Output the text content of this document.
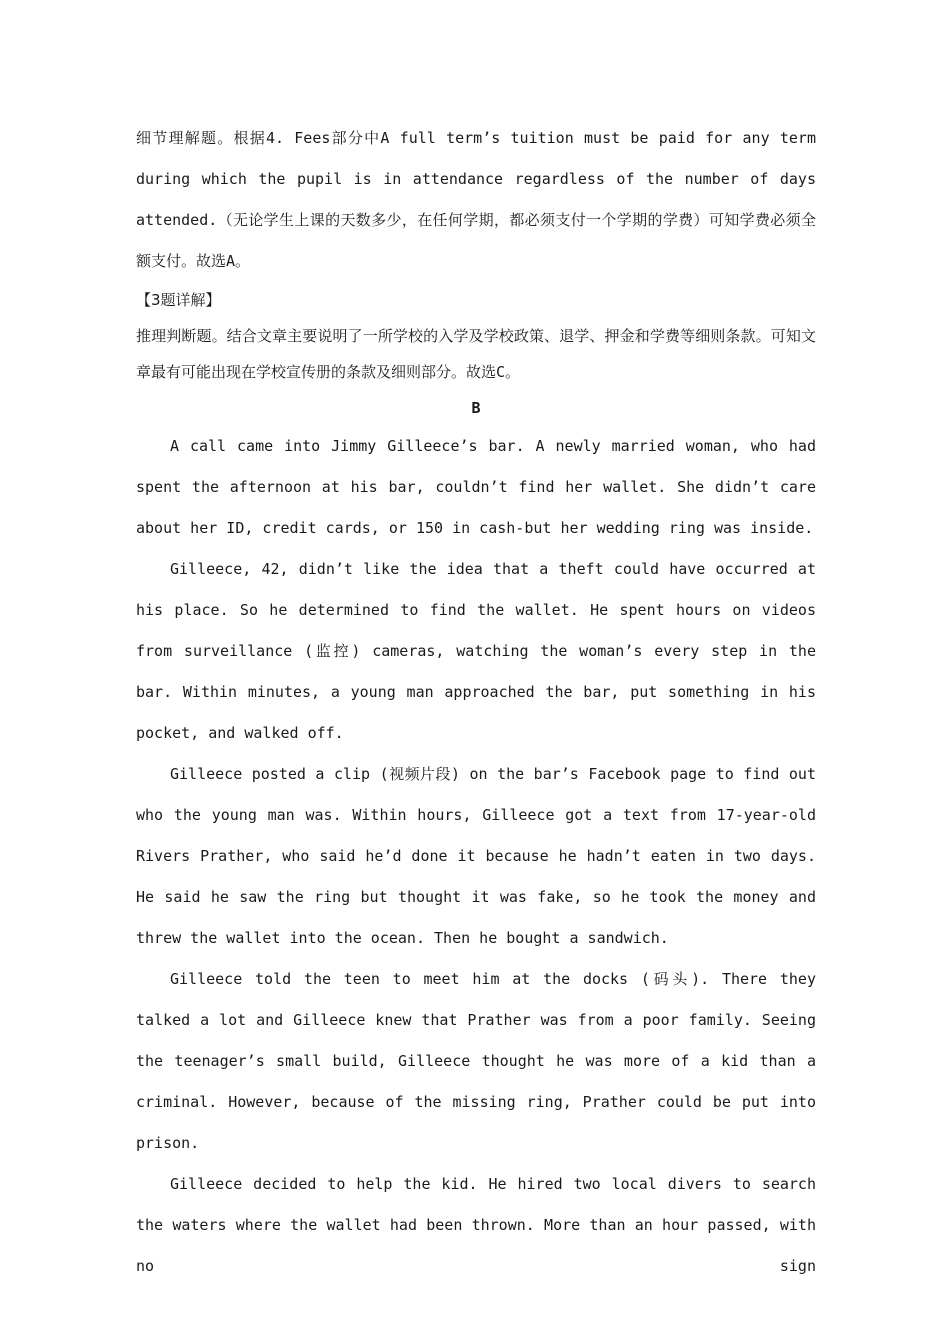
细节理解题。根据4. Fees部分中A full term’s tuition must be paid for any term during which the pupil is in attendance regardless of the number of days attended.（无论学生上课的天数多少，在任何学期，都必须支付一个学期的学费）可知学费必须全额支付。故选A。

【3题详解】

推理判断题。结合文章主要说明了一所学校的入学及学校政策、退学、押金和学费等细则条款。可知文章最有可能出现在学校宣传册的条款及细则部分。故选C。

B

A call came into Jimmy Gilleece’s bar. A newly married woman, who had spent the afternoon at his bar, couldn’t find her wallet. She didn’t care about her ID, credit cards, or 150 in cash-but her wedding ring was inside.

Gilleece, 42, didn’t like the idea that a theft could have occurred at his place. So he determined to find the wallet. He spent hours on videos from surveillance (监控) cameras, watching the woman’s every step in the bar. Within minutes, a young man approached the bar, put something in his pocket, and walked off.

Gilleece posted a clip (视频片段) on the bar’s Facebook page to find out who the young man was. Within hours, Gilleece got a text from 17-year-old Rivers Prather, who said he’d done it because he hadn’t eaten in two days. He said he saw the ring but thought it was fake, so he took the money and threw the wallet into the ocean. Then he bought a sandwich.

Gilleece told the teen to meet him at the docks (码头). There they talked a lot and Gilleece knew that Prather was from a poor family. Seeing the teenager’s small build, Gilleece thought he was more of a kid than a criminal. However, because of the missing ring, Prather could be put into prison.

Gilleece decided to help the kid. He hired two local divers to search the waters where the wallet had been thrown. More than an hour passed, with no sign
